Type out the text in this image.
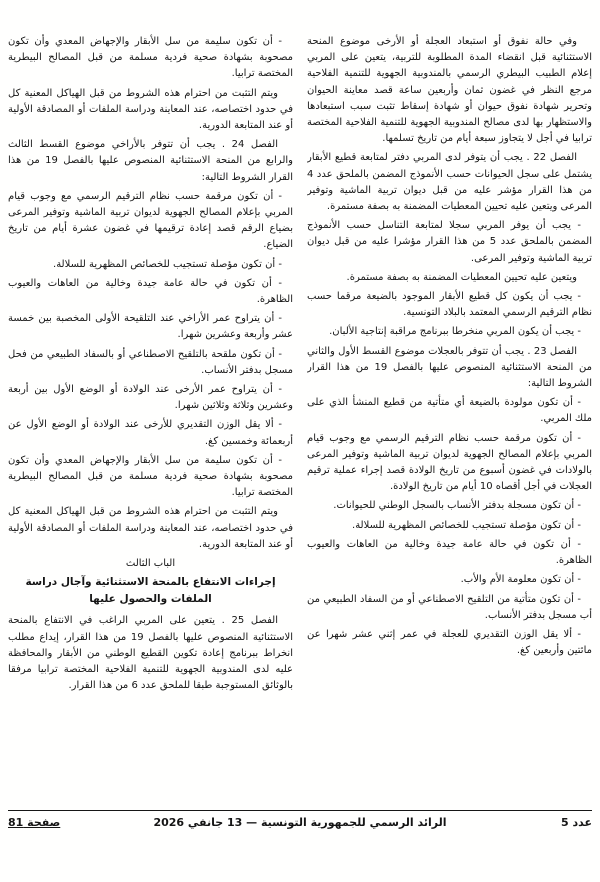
وفي حالة نفوق أو استبعاد العجلة أو الأرخى موضوع المنحة الاستثنائية قبل انقضاء المدة المطلوبة للتربية، يتعين على المربي إعلام الطبيب البيطري الرسمي بالمندوبية الجهوية للتنمية الفلاحية مرجع النظر في غضون ثمان وأربعين ساعة قصد معاينة الحيوان وتحرير شهادة نفوق حيوان أو شهادة إسقاط تثبت سبب استبعادها والاستظهار بها لدى مصالح المندوبية الجهوية للتنمية الفلاحية المختصة ترابيا في أجل لا يتجاوز سبعة أيام من تاريخ تسلمها.

الفصل 22 . يجب أن يتوفر لدى المربي دفتر لمتابعة قطيع الأبقار يشتمل على سجل الحيوانات حسب الأنموذج المضمن بالملحق عدد 4 من هذا القرار مؤشر عليه من قبل ديوان تربية الماشية وتوفير المرعى ويتعين عليه تحيين المعطيات المضمنة به بصفة مستمرة.

- يجب أن يوفر المربي سجلا لمتابعة التناسل حسب الأنموذج المضمن بالملحق عدد 5 من هذا القرار مؤشرا عليه من قبل ديوان تربية الماشية وتوفير المرعى.

ويتعين عليه تحيين المعطيات المضمنة به بصفة مستمرة.

- يجب أن يكون كل قطيع الأبقار الموجود بالضيعة مرقما حسب نظام الترقيم الرسمي المعتمد بالبلاد التونسية.

- يجب أن يكون المربي منخرطا ببرنامج مراقبة إنتاجية الألبان.

الفصل 23 . يجب أن تتوفر بالعجلات موضوع القسط الأول والثاني من المنحة الاستثنائية المنصوص عليها بالفصل 19 من هذا القرار الشروط التالية:

- أن تكون مولودة بالضيعة أي متأتية من قطيع المنشأ الذي على ملك المربي.

- أن تكون مرقمة حسب نظام الترقيم الرسمي مع وجوب قيام المربي بإعلام المصالح الجهوية لديوان تربية الماشية وتوفير المرعى بالولادات في غضون أسبوع من تاريخ الولادة قصد إجراء عملية ترقيم العجلات في أجل أقصاه 10 أيام من تاريخ الولادة.

- أن تكون مسجلة بدفتر الأنساب بالسجل الوطني للحيوانات.

- أن تكون مؤصلة تستجيب للخصائص المظهرية للسلالة.

- أن تكون في حالة عامة جيدة وخالية من العاهات والعيوب الظاهرة.

- أن تكون معلومة الأم والأب.

- أن تكون متأتية من التلقيح الاصطناعي أو من السفاد الطبيعي من أب مسجل بدفتر الأنساب.

- ألا يقل الوزن التقديري للعجلة في عمر إثني عشر شهرا عن مائتين وأربعين كغ.

- أن تكون سليمة من سل الأبقار والإجهاض المعدي وأن تكون مصحوبة بشهادة صحية فردية مسلمة من قبل المصالح البيطرية المختصة ترابيا.

ويتم التثبت من احترام هذه الشروط من قبل الهياكل المعنية كل في حدود اختصاصه، عند المعاينة ودراسة الملفات أو المصادقة الأولية أو عند المتابعة الدورية.

الفصل 24 . يجب أن تتوفر بالأراخي موضوع القسط الثالث والرابع من المنحة الاستثنائية المنصوص عليها بالفصل 19 من هذا القرار الشروط التالية:

- أن تكون مرقمة حسب نظام الترقيم الرسمي مع وجوب قيام المربي بإعلام المصالح الجهوية لديوان تربية الماشية وتوفير المرعى بضياع الرقم قصد إعادة ترقيمها في غضون عشرة أيام من تاريخ الضياع.

- أن تكون مؤصلة تستجيب للخصائص المظهرية للسلالة.

- أن تكون في حالة عامة جيدة وخالية من العاهات والعيوب الظاهرة.

- أن يتراوح عمر الأراخي عند التلقيحة الأولى المخصبة بين خمسة عشر وأربعة وعشرين شهرا.

- أن تكون ملقحة بالتلقيح الاصطناعي أو بالسفاد الطبيعي من فحل مسجل بدفتر الأنساب.

- أن يتراوح عمر الأرخى عند الولادة أو الوضع الأول بين أربعة وعشرين وثلاثة وثلاثين شهرا.

- ألا يقل الوزن التقديري للأرخى عند الولادة أو الوضع الأول عن أربعمائة وخمسين كغ.

- أن تكون سليمة من سل الأبقار والإجهاض المعدي وأن تكون مصحوبة بشهادة صحية فردية مسلمة من قبل المصالح البيطرية المختصة ترابيا.

ويتم التثبت من احترام هذه الشروط من قبل الهياكل المعنية كل في حدود اختصاصه، عند المعاينة ودراسة الملفات أو المصادقة الأولية أو عند المتابعة الدورية.

الباب الثالث

إجراءات الانتفاع بالمنحة الاستثنائية وآجال دراسة الملفات والحصول عليها

الفصل 25 . يتعين على المربي الراغب في الانتفاع بالمنحة الاستثنائية المنصوص عليها بالفصل 19 من هذا القرار، إيداع مطلب انخراط ببرنامج إعادة تكوين القطيع الوطني من الأبقار والمحافظة عليه لدى المندوبية الجهوية للتنمية الفلاحية المختصة ترابيا مرفقا بالوثائق المستوجبة طبقا للملحق عدد 6 من هذا القرار.

عدد 5
الرائد الرسمي للجمهورية التونسية — 13 جانفي 2026
صفحة 81
